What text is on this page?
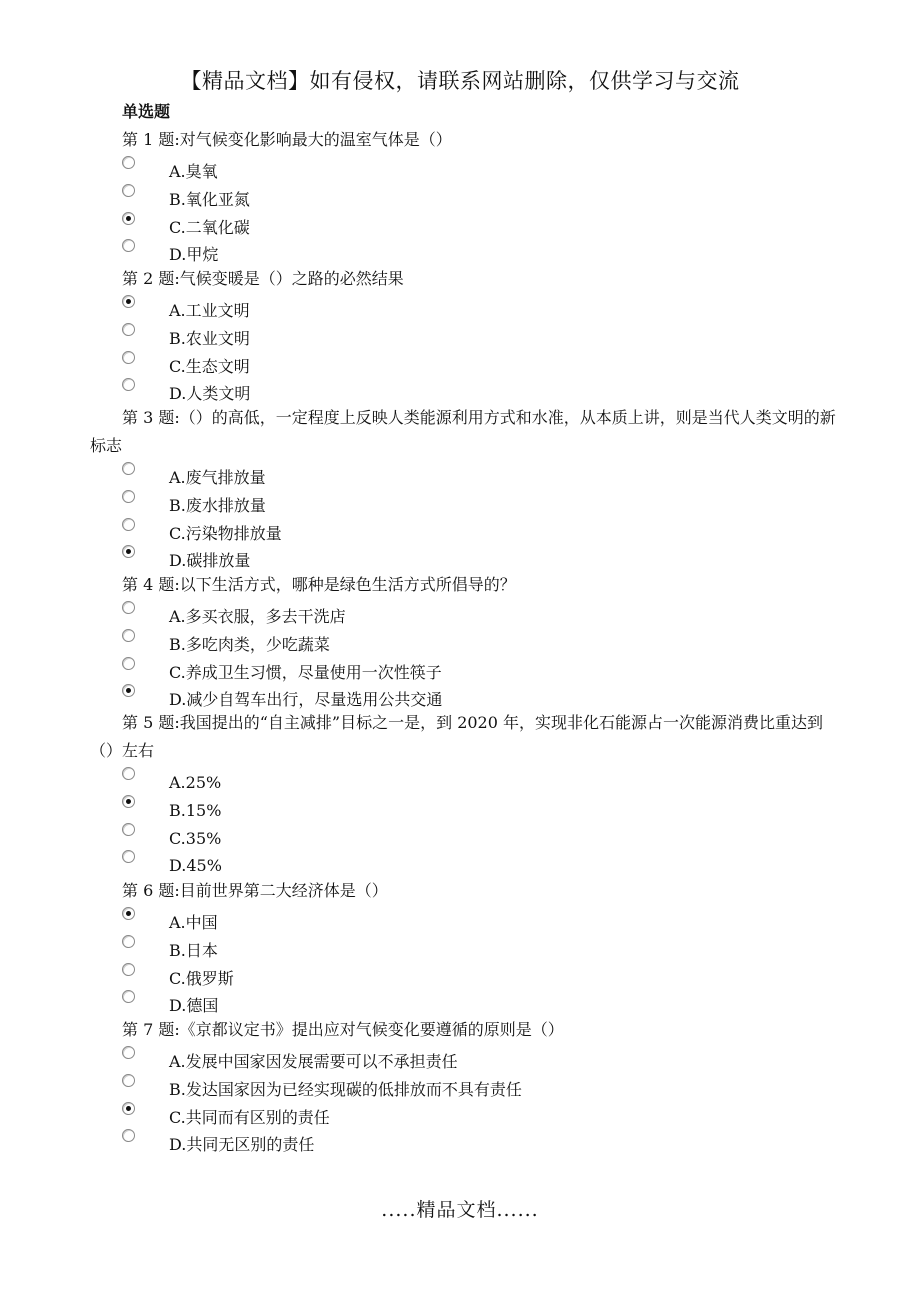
【精品文档】如有侵权，请联系网站删除，仅供学习与交流
单选题
第 1 题:对气候变化影响最大的温室气体是（）
A.臭氧
B.氧化亚氮
C.二氧化碳
D.甲烷
第 2 题:气候变暖是（）之路的必然结果
A.工业文明
B.农业文明
C.生态文明
D.人类文明
第 3 题:（）的高低，一定程度上反映人类能源利用方式和水准，从本质上讲，则是当代人类文明的新标志
A.废气排放量
B.废水排放量
C.污染物排放量
D.碳排放量
第 4 题:以下生活方式，哪种是绿色生活方式所倡导的？
A.多买衣服，多去干洗店
B.多吃肉类，少吃蔬菜
C.养成卫生习惯，尽量使用一次性筷子
D.减少自驾车出行，尽量选用公共交通
第 5 题:我国提出的“自主减排”目标之一是，到 2020 年，实现非化石能源占一次能源消费比重达到（）左右
A.25%
B.15%
C.35%
D.45%
第 6 题:目前世界第二大经济体是（）
A.中国
B.日本
C.俄罗斯
D.德国
第 7 题:《京都议定书》提出应对气候变化要遵循的原则是（）
A.发展中国家因发展需要可以不承担责任
B.发达国家因为已经实现碳的低排放而不具有责任
C.共同而有区别的责任
D.共同无区别的责任
.....精品文档......
